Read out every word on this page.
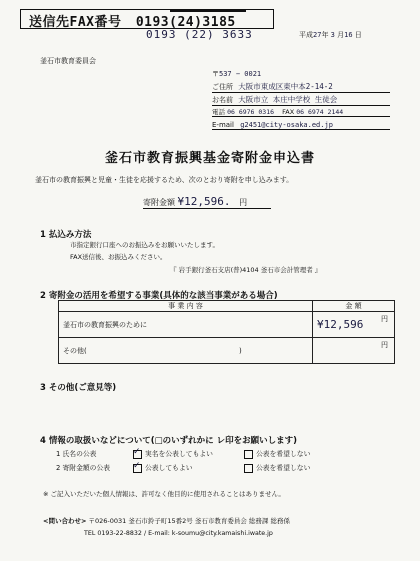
送信先FAX番号 0193(24)3185
0193 (22) 3633	平成27年 3 月16 日
釜石市教育委員会
〒537 − 0021
ご住所 大阪市東成区東中本2-14-2
お名前 大阪市立 本庄中学校 生徒会
電話 06 6976 0316 FAX 06 6974 2144
E-mail g2451@city-osaka.ed.jp
釜石市教育振興基金寄附金申込書
釜石市の教育振興と児童・生徒を応援するため、次のとおり寄附を申し込みます。
寄附金額 ¥12,596. 円
1 払込み方法
市指定銀行口座へのお振込みをお願いいたします。
FAX送信後、お振込みください。
『 岩手銀行釜石支店(普)4104 釜石市会計管理者 』
2 寄附金の活用を希望する事業(具体的な該当事業がある場合)
事 業 内 容	金 額
釜石市の教育振興のために	¥12,596 円

その他( )	円
3 その他(ご意見等)
4 情報の取扱いなどについて(□のいずれかに レ印をお願いします)
1 氏名の公表 ✓	実名を公表してもよい	公表を希望しない
2 寄附金額の公表 ✓	公表してもよい	公表を希望しない
※ ご記入いただいた個人情報は、許可なく他目的に使用されることはありません。
<問い合わせ> 〒026-0031 釜石市鈴子町15番2号 釜石市教育委員会 総務課 総務係
TEL 0193-22-8832 / E-mail: k-soumu@city.kamaishi.iwate.jp
